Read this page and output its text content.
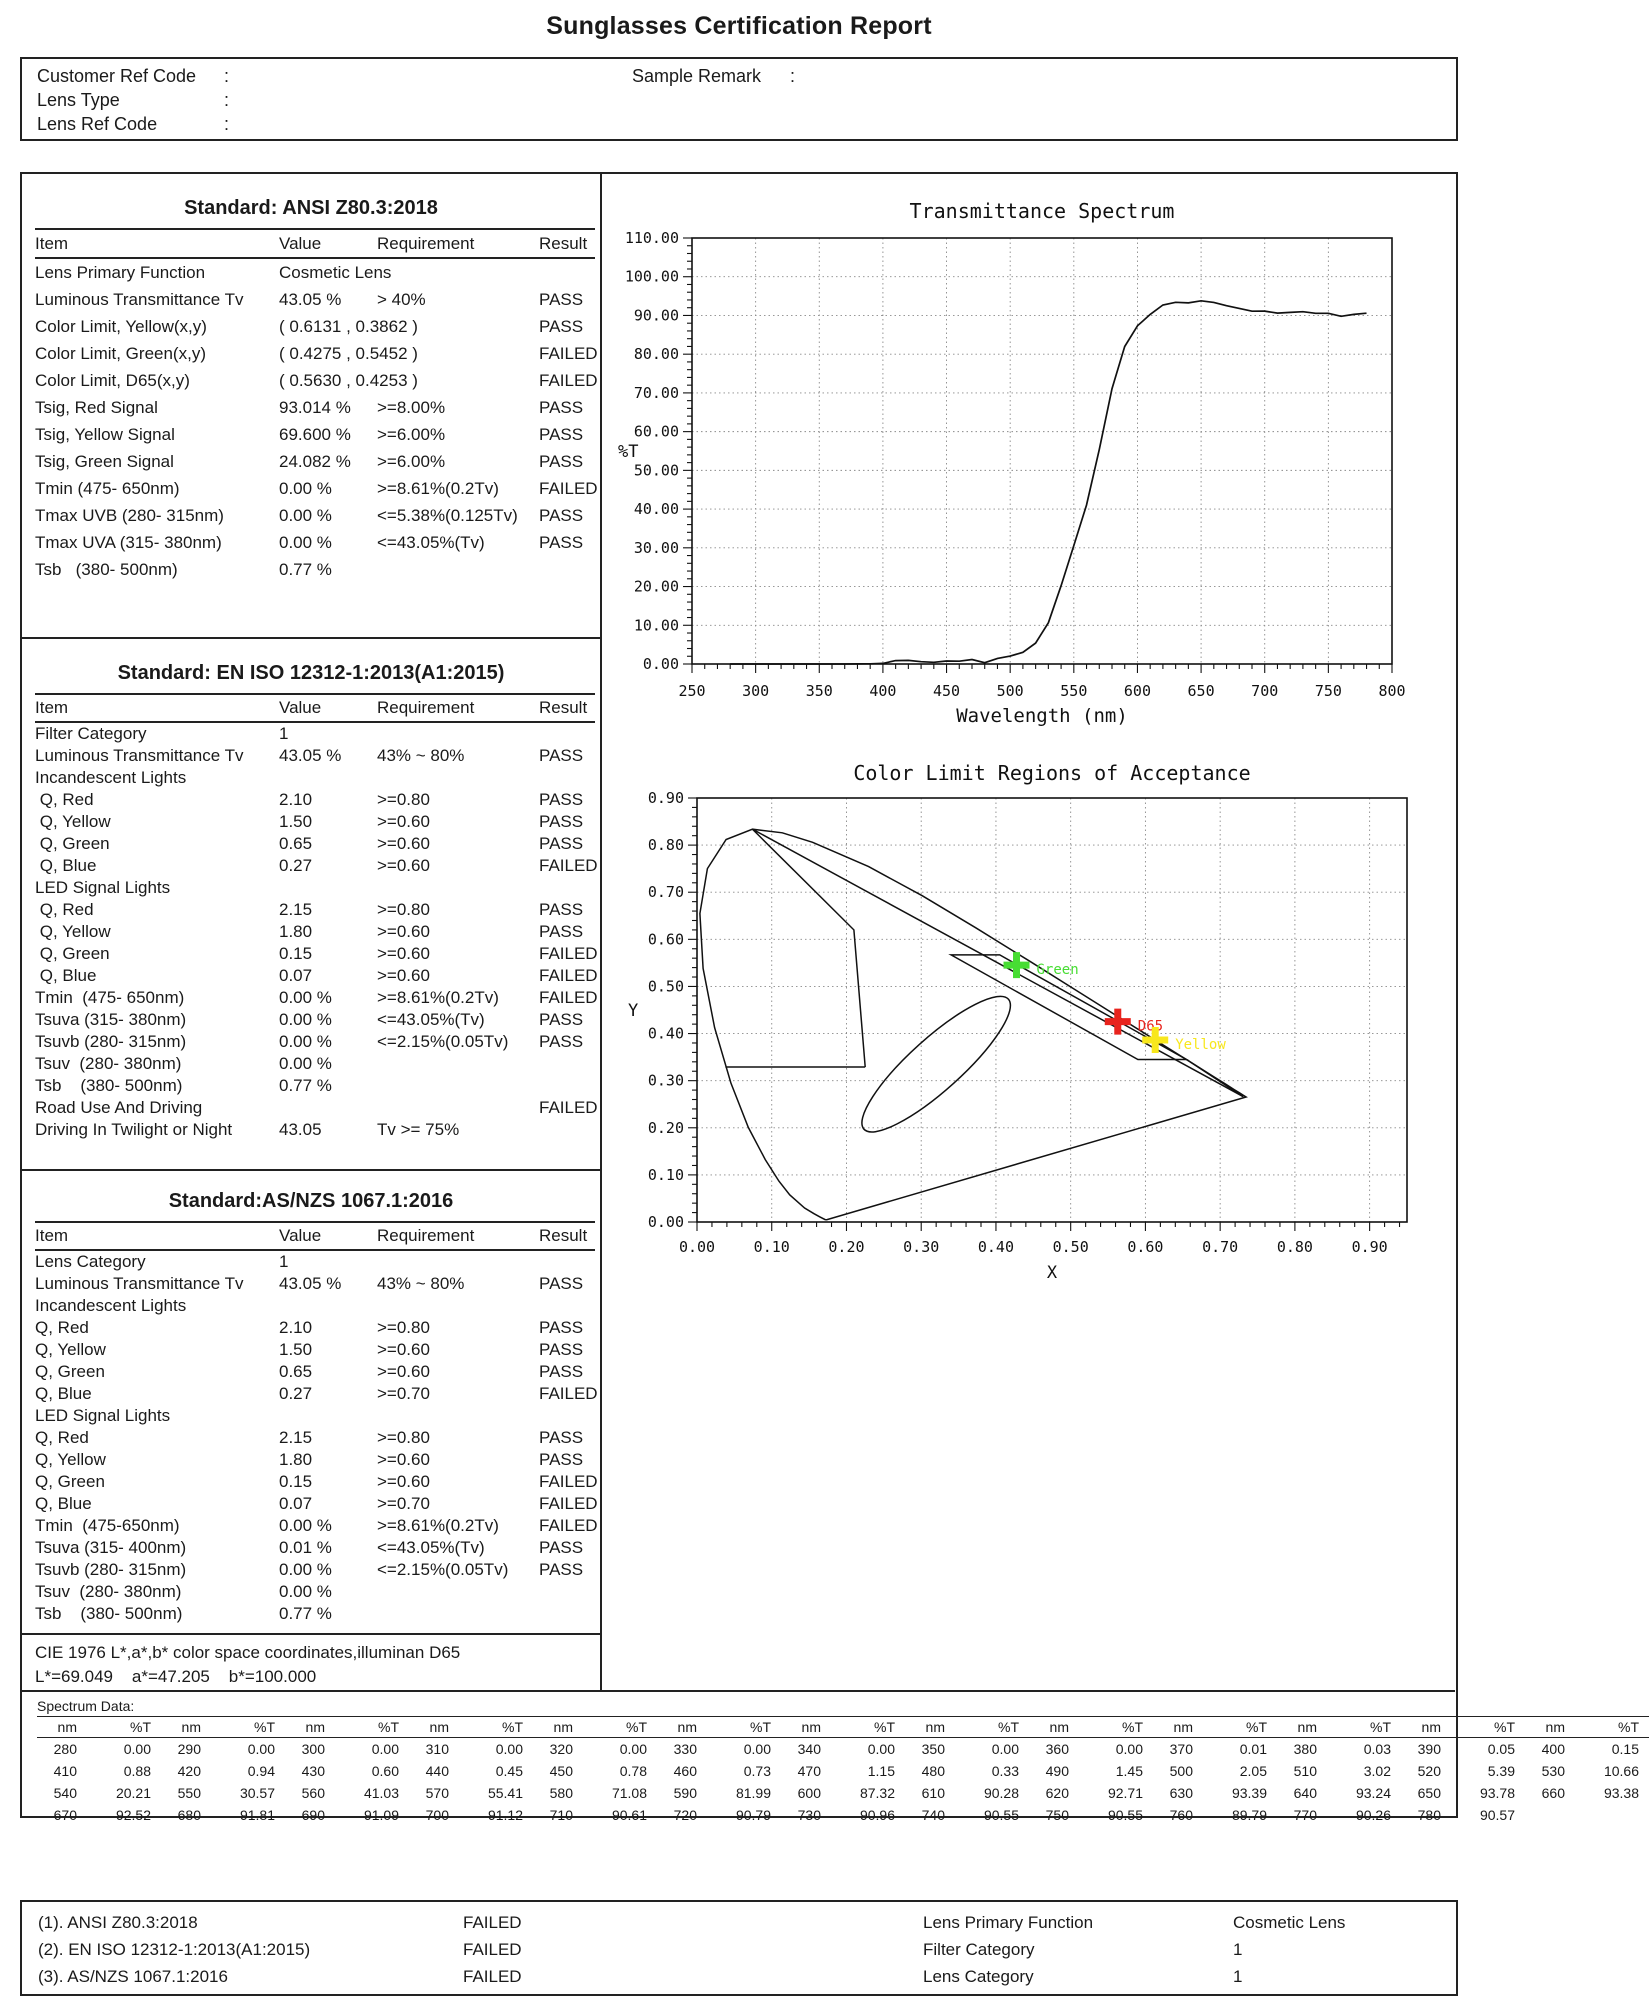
Sunglasses Certification Report
Customer Ref Code :
Lens Type	:
Lens Ref Code	:
Sample Remark :
Standard: ANSI Z80.3:2018
Item	Value	Requirement	Result
Lens Primary Function	Cosmetic Lens		
Luminous Transmittance Tv	43.05 %	> 40%	PASS
Color Limit, Yellow(x,y)	( 0.6131 , 0.3862 )		PASS
Color Limit, Green(x,y)	( 0.4275 , 0.5452 )		FAILED
Color Limit, D65(x,y)	( 0.5630 , 0.4253 )		FAILED
Tsig, Red Signal	93.014 %	>=8.00%	PASS
Tsig, Yellow Signal	69.600 %	>=6.00%	PASS
Tsig, Green Signal	24.082 %	>=6.00%	PASS
Tmin (475- 650nm)	0.00 %	>=8.61%(0.2Tv)	FAILED
Tmax UVB (280- 315nm)	0.00 %	<=5.38%(0.125Tv)	PASS
Tmax UVA (315- 380nm)	0.00 %	<=43.05%(Tv)	PASS
Tsb   (380- 500nm)	0.77 %		
Standard: EN ISO 12312-1:2013(A1:2015)
Item	Value	Requirement	Result
Filter Category	1		
Luminous Transmittance Tv	43.05 %	43% ~ 80%	PASS
Incandescent Lights			
Q, Red	2.10	>=0.80	PASS
Q, Yellow	1.50	>=0.60	PASS
Q, Green	0.65	>=0.60	PASS
Q, Blue	0.27	>=0.60	FAILED
LED Signal Lights			
Q, Red	2.15	>=0.80	PASS
Q, Yellow	1.80	>=0.60	PASS
Q, Green	0.15	>=0.60	FAILED
Q, Blue	0.07	>=0.60	FAILED
Tmin  (475- 650nm)	0.00 %	>=8.61%(0.2Tv)	FAILED
Tsuva (315- 380nm)	0.00 %	<=43.05%(Tv)	PASS
Tsuvb (280- 315nm)	0.00 %	<=2.15%(0.05Tv)	PASS
Tsuv  (280- 380nm)	0.00 %		
Tsb    (380- 500nm)	0.77 %		
Road Use And Driving			FAILED
Driving In Twilight or Night	43.05	Tv >= 75%	
Standard:AS/NZS 1067.1:2016
Item	Value	Requirement	Result
Lens Category	1		
Luminous Transmittance Tv	43.05 %	43% ~ 80%	PASS
Incandescent Lights			
Q, Red	2.10	>=0.80	PASS
Q, Yellow	1.50	>=0.60	PASS
Q, Green	0.65	>=0.60	PASS
Q, Blue	0.27	>=0.70	FAILED
LED Signal Lights			
Q, Red	2.15	>=0.80	PASS
Q, Yellow	1.80	>=0.60	PASS
Q, Green	0.15	>=0.60	FAILED
Q, Blue	0.07	>=0.70	FAILED
Tmin  (475-650nm)	0.00 %	>=8.61%(0.2Tv)	FAILED
Tsuva (315- 400nm)	0.01 %	<=43.05%(Tv)	PASS
Tsuvb (280- 315nm)	0.00 %	<=2.15%(0.05Tv)	PASS
Tsuv  (280- 380nm)	0.00 %		
Tsb    (380- 500nm)	0.77 %		
CIE 1976 L*,a*,b* color space coordinates,illuminan D65
L*=69.049    a*=47.205    b*=100.000
Transmittance Spectrum
0.00
10.00
20.00
30.00
40.00
50.00
60.00
70.00
80.00
90.00
100.00
110.00
250 300 350 400 450 500 550 600 650 700 750 800
%T
Wavelength (nm)
Color Limit Regions of Acceptance
0.00
0.10
0.20
0.30
0.40
0.50
0.60
0.70
0.80
0.90
0.00	0.10	0.20	0.30	0.40	0.50	0.60	0.70	0.80	0.90
Y
X
Green
D65
Yellow
Spectrum Data:
nm	%T	nm	%T	nm	%T	nm	%T	nm	%T	nm	%T	nm	%T	nm	%T	nm	%T	nm	%T	nm	%T	nm	%T	nm	%T
280	0.00	290	0.00	300	0.00	310	0.00	320	0.00	330	0.00	340	0.00	350	0.00	360	0.00	370	0.01	380	0.03	390	0.05	400	0.15
410	0.88	420	0.94	430	0.60	440	0.45	450	0.78	460	0.73	470	1.15	480	0.33	490	1.45	500	2.05	510	3.02	520	5.39	530	10.66
540	20.21	550	30.57	560	41.03	570	55.41	580	71.08	590	81.99	600	87.32	610	90.28	620	92.71	630	93.39	640	93.24	650	93.78	660	93.38
670	92.52	680	91.81	690	91.09	700	91.12	710	90.61	720	90.79	730	90.96	740	90.55	750	90.55	760	89.79	770	90.26	780	90.57		
(1). ANSI Z80.3:2018	FAILED	Lens Primary Function	Cosmetic Lens
(2). EN ISO 12312-1:2013(A1:2015)	FAILED	Filter Category	1
(3). AS/NZS 1067.1:2016	FAILED	Lens Category	1
